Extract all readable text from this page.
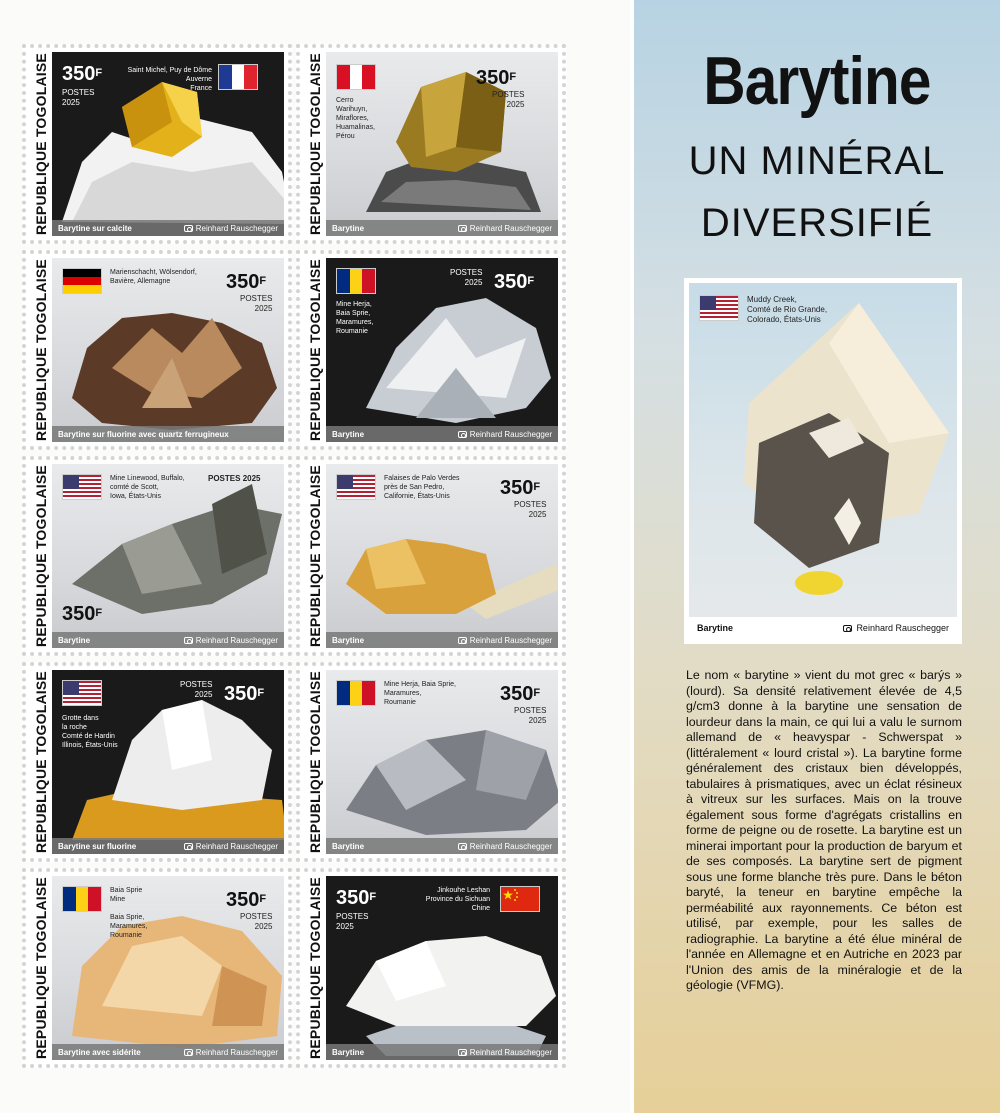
REPUBLIQUE TOGOLAISE $350^F$
POSTES
2025
Saint Michel, Puy de Dôme
Auverne
France
Barytine sur calcite	Reinhard Rauschegger REPUBLIQUE TOGOLAISE	$350^F$
POSTES
2025
Cerro
Warihuyn,
Miraflores,
Huamalinas,
Pérou
Barytine	Reinhard Rauschegger
REPUBLIQUE TOGOLAISE	Marienschacht, Wölsendorf,
Bavière, Allemagne	$350^F$
POSTES
2025
Barytine sur fluorine avec quartz ferrugineux	REPUBLIQUE TOGOLAISE Mine Herja,
Baia Sprie,
Maramures,
Roumanie
POSTES
2025 $350^F$
Barytine	Reinhard Rauschegger
REPUBLIQUE TOGOLAISE	Mine Linewood, Buffalo,
comté de Scott,
Iowa, États-Unis
POSTES 2025
$350^F$
Barytine	Reinhard Rauschegger REPUBLIQUE TOGOLAISE	Falaises de Palo Verdes
près de San Pedro,
Californie, États-Unis	$350^F$
POSTES
2025
Barytine	Reinhard Rauschegger
REPUBLIQUE TOGOLAISE Grotte dans
la roche
Comté de Hardin
Illinois, États-Unis
POSTES
2025 $350^F$
Barytine sur fluorine	Reinhard Rauschegger REPUBLIQUE TOGOLAISE	Mine Herja, Baia Sprie,
Maramures,
Roumanie	$350^F$
POSTES
2025
Barytine	Reinhard Rauschegger
REPUBLIQUE TOGOLAISE	Baia Sprie
Mine

Baia Sprie,
Maramures,
Roumanie
$350^F$
POSTES
2025
Barytine avec sidérite	Reinhard Rauschegger REPUBLIQUE TOGOLAISE $350^F$
POSTES
2025
Jinkouhe Leshan
Province du Sichuan
Chine
Barytine	Reinhard Rauschegger
Barytine
UN MINÉRAL
DIVERSIFIÉ
Muddy Creek,
Comté de Rio Grande,
Colorado, États-Unis
Barytine	Reinhard Rauschegger
Le nom « barytine » vient du mot grec « barýs » (lourd). Sa densité relativement élevée de 4,5 g/cm3 donne à la barytine une sensation de lourdeur dans la main, ce qui lui a valu le surnom allemand de « heavyspar - Schwerspat » (littéralement « lourd cristal »). La barytine forme généralement des cristaux bien développés, tabulaires à prismatiques, avec un éclat résineux à vitreux sur les surfaces. Mais on la trouve également sous forme d'agrégats cristallins en forme de peigne ou de rosette. La barytine est un minerai important pour la production de baryum et de ses composés. La barytine sert de pigment sous une forme blanche très pure. Dans le béton baryté, la teneur en barytine empêche la perméabilité aux rayonnements. Ce béton est utilisé, par exemple, pour les salles de radiographie. La barytine a été élue minéral de l'année en Allemagne et en Autriche en 2023 par l'Union des amis de la minéralogie et de la géologie (VFMG).
